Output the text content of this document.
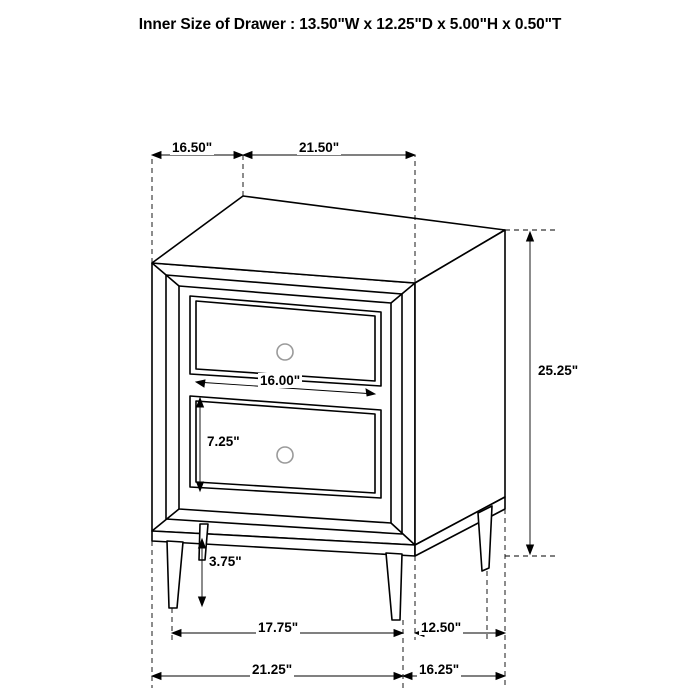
Inner Size of Drawer : 13.50"W x 12.25"D x 5.00"H x 0.50"T
16.50"	21.50"
25.25"
16.00"
7.25"
3.75"
17.75"	12.50"
21.25"	16.25"
